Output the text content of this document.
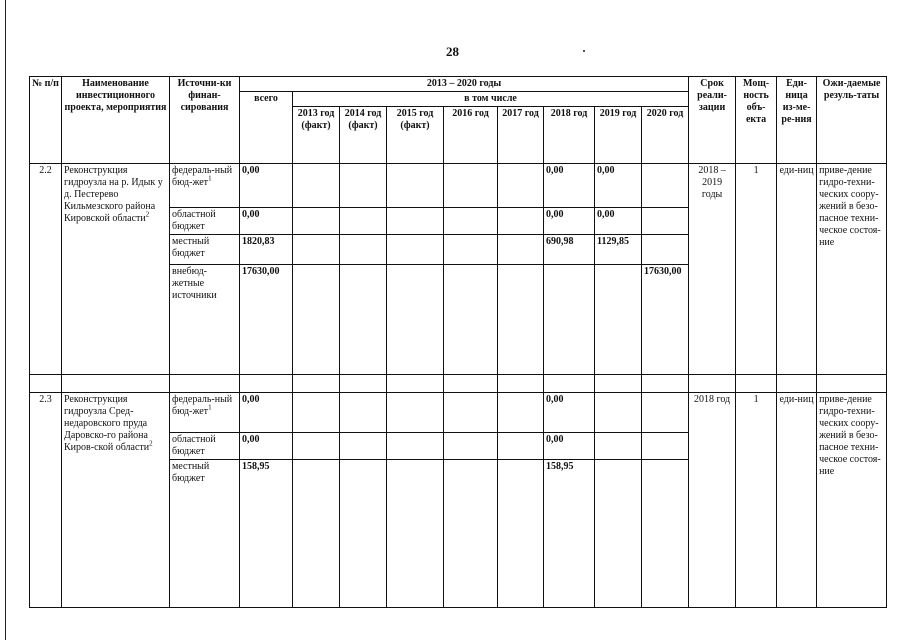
28
№ п/п	Наименование инвестиционного проекта, мероприятия	Источни-ки финан-сирования	2013 – 2020 годы									Срок реали-зации	Мощ-ность объ-екта	Еди-ница из-ме-ре-ния	Ожи-даемые резуль-таты
			всего	в том числе											
				2013 год (факт)	2014 год (факт)	2015 год (факт)	2016 год	2017 год	2018 год	2019 год	2020 год				
2.2	Реконструкция гидроузла на р. Идык у д. Пестерево Кильмезского района Кировской области$^2$	федераль-ный бюд-жет$^1$	0,00						0,00	0,00		2018 – 2019 годы	1	еди-ниц	приве-дение гидро-техни-ческих соору-жений в безо-пасное техни-ческое состоя-ние
		областной бюджет	0,00						0,00	0,00					
		местный бюджет	1820,83						690,98	1129,85					
		внебюд-жетные источники	17630,00								17630,00				

2.3	Реконструкция гидроузла Сред-недаровского пруда Даровско-го района Киров-ской области$^2$	федераль-ный бюд-жет$^1$	0,00						0,00			2018 год	1	еди-ниц	приве-дение гидро-техни-ческих соору-жений в безо-пасное техни-ческое состоя-ние
		областной бюджет	0,00						0,00						
		местный бюджет	158,95						158,95						
